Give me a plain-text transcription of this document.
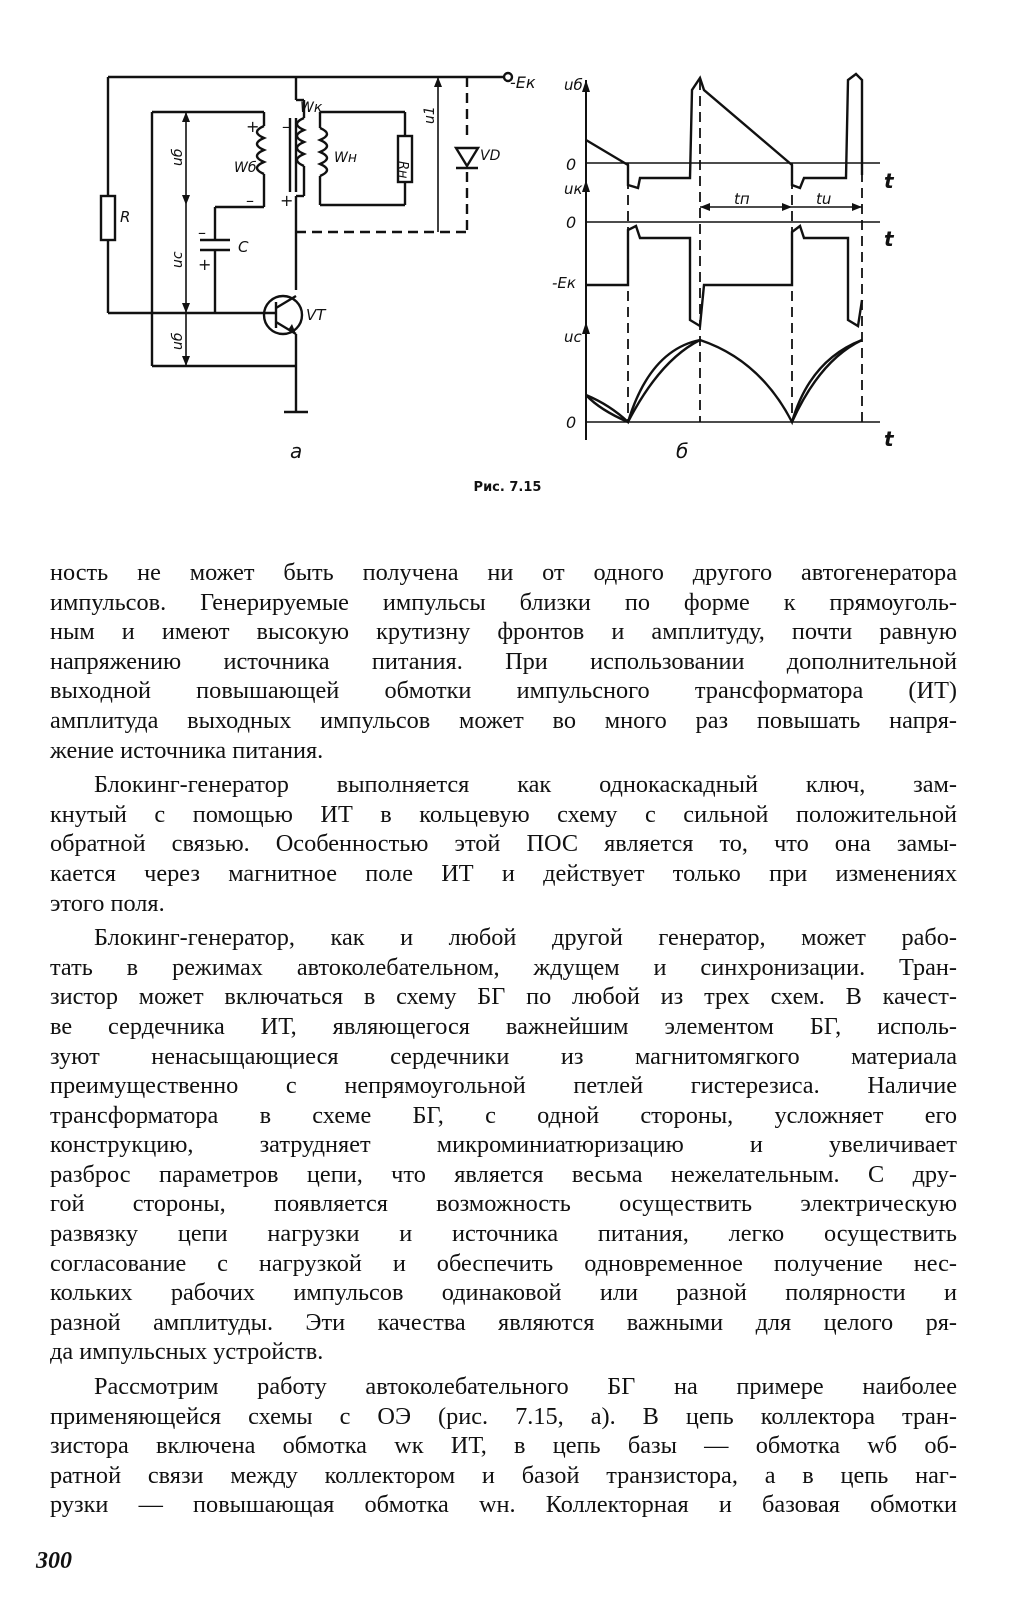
-Eк
R
Wк
Wб
Wн
Rн
VD
C
VT
uб
uc
uб
u1
+
–
–
+
–
+
а
uб
0
uк
0
-Eк
uc
0
t
t
t
tп	tu
б
Рис. 7.15

ность не может быть получена ни от одного другого автогенератора
импульсов. Генерируемые импульсы близки по форме к прямоуголь-
ным и имеют высокую крутизну фронтов и амплитуду, почти равную
напряжению источника питания. При использовании дополнительной
выходной повышающей обмотки импульсного трансформатора (ИТ)
амплитуда выходных импульсов может во много раз повышать напря-
жение источника питания.

Блокинг-генератор выполняется как однокаскадный ключ, зам-
кнутый с помощью ИТ в кольцевую схему с сильной положительной
обратной связью. Особенностью этой ПОС является то, что она замы-
кается через магнитное поле ИТ и действует только при изменениях
этого поля.

Блокинг-генератор, как и любой другой генератор, может рабо-
тать в режимах автоколебательном, ждущем и синхронизации. Тран-
зистор может включаться в схему БГ по любой из трех схем. В качест-
ве сердечника ИТ, являющегося важнейшим элементом БГ, исполь-
зуют ненасыщающиеся сердечники из магнитомягкого материала
преимущественно с непрямоугольной петлей гистерезиса. Наличие
трансформатора в схеме БГ, с одной стороны, усложняет его
конструкцию, затрудняет микроминиатюризацию и увеличивает
разброс параметров цепи, что является весьма нежелательным. С дру-
гой стороны, появляется возможность осуществить электрическую
развязку цепи нагрузки и источника питания, легко осуществить
согласование с нагрузкой и обеспечить одновременное получение нес-
кольких рабочих импульсов одинаковой или разной полярности и
разной амплитуды. Эти качества являются важными для целого ря-
да импульсных устройств.

Рассмотрим работу автоколебательного БГ на примере наиболее
применяющейся схемы с ОЭ (рис. 7.15, а). В цепь коллектора тран-
зистора включена обмотка wк ИТ, в цепь базы — обмотка wб об-
ратной связи между коллектором и базой транзистора, а в цепь наг-
рузки — повышающая обмотка wн. Коллекторная и базовая обмотки

300
